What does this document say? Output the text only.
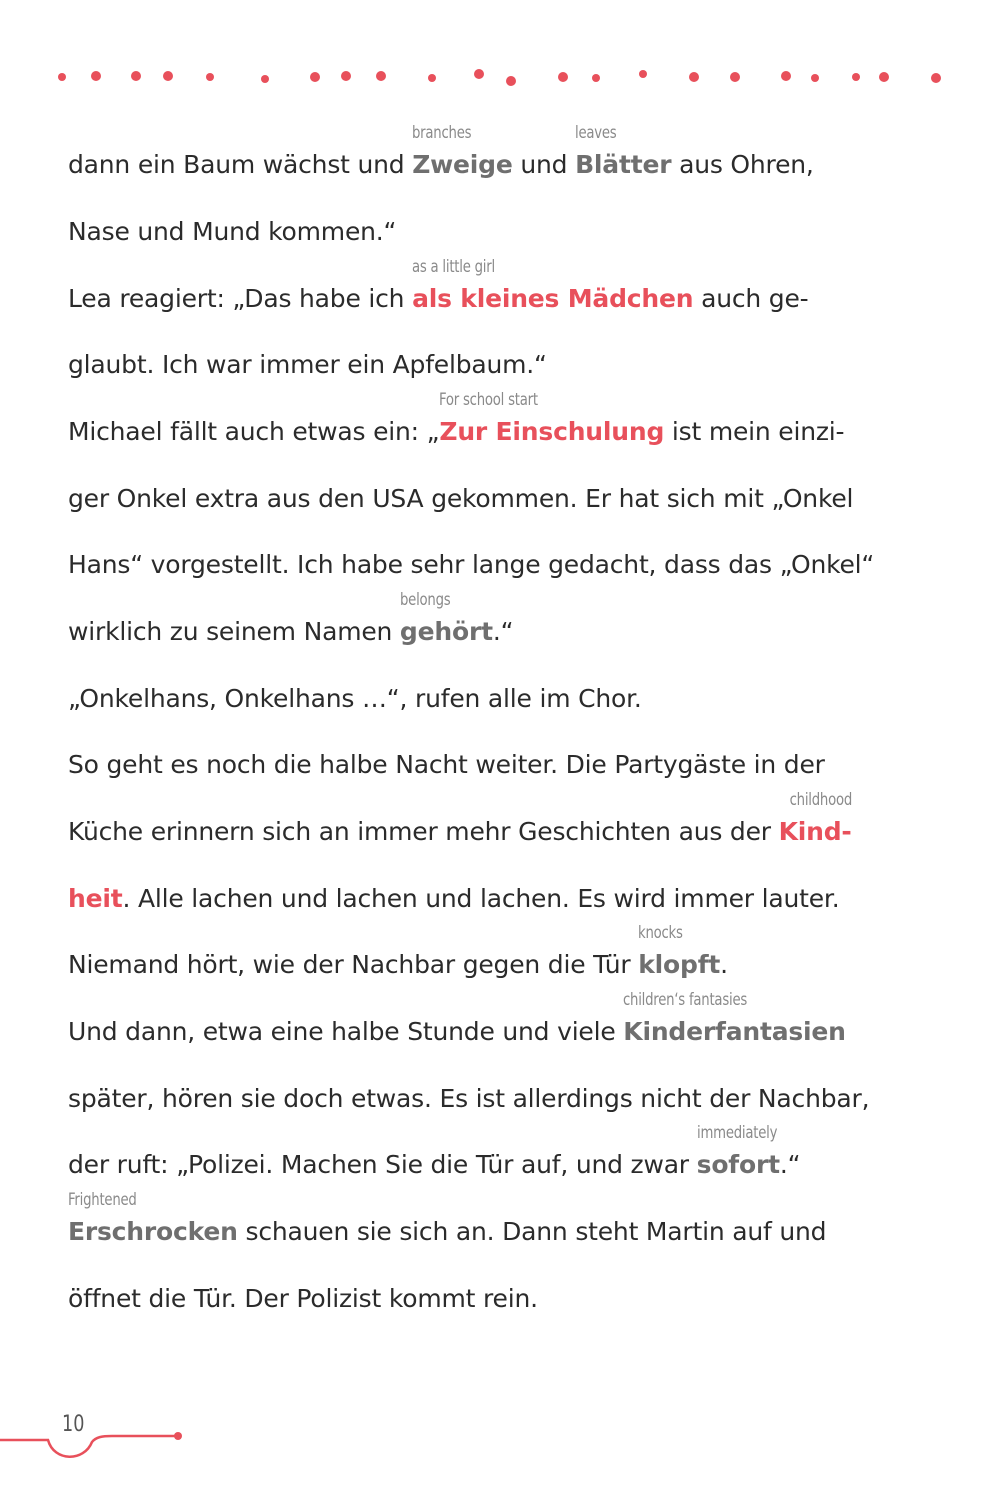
dann ein Baum wächst und
branches
Zweige und
leaves
Blätter aus Ohren,
Nase und Mund kommen.“
Lea reagiert: „Das habe ich
as a little girl
als kleines Mädchen auch ge-
glaubt. Ich war immer ein Apfelbaum.“
Michael fällt auch etwas ein: „
For school start
Zur Einschulung ist mein einzi-
ger Onkel extra aus den USA gekommen. Er hat sich mit „Onkel
Hans“ vorgestellt. Ich habe sehr lange gedacht, dass das „Onkel“
wirklich zu seinem Namen
belongs
gehört.“
„Onkelhans, Onkelhans …“, rufen alle im Chor.
So geht es noch die halbe Nacht weiter. Die Partygäste in der
Küche erinnern sich an immer mehr Geschichten aus der
childhood
Kind-
heit. Alle lachen und lachen und lachen. Es wird immer lauter.
Niemand hört, wie der Nachbar gegen die Tür
knocks
klopft.
Und dann, etwa eine halbe Stunde und viele
children‘s fantasies
Kinderfantasien
später, hören sie doch etwas. Es ist allerdings nicht der Nachbar,
der ruft: „Polizei. Machen Sie die Tür auf, und zwar
immediately
sofort.“
Frightened
Erschrocken schauen sie sich an. Dann steht Martin auf und
öffnet die Tür. Der Polizist kommt rein.
10
